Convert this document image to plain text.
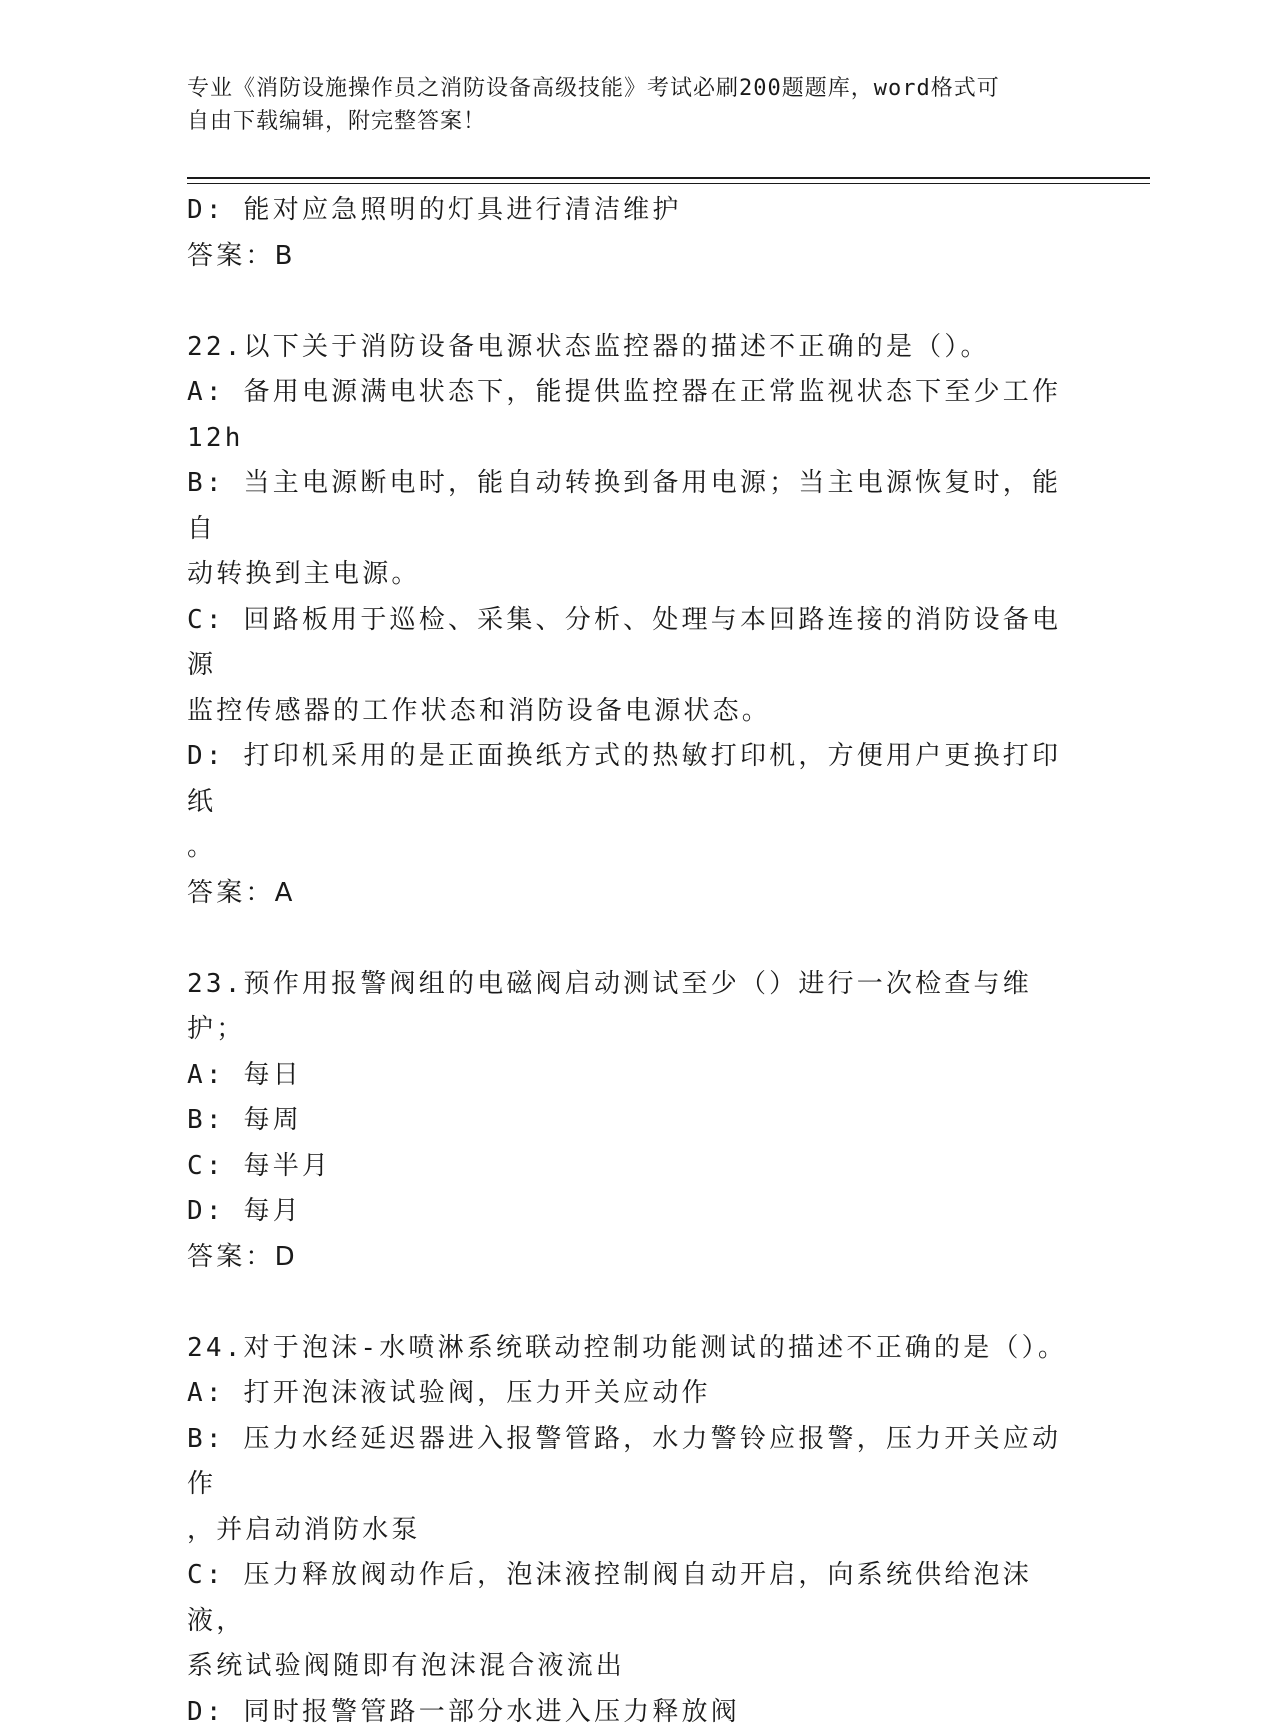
专业《消防设施操作员之消防设备高级技能》考试必刷200题题库，word格式可
自由下载编辑，附完整答案！
D: 能对应急照明的灯具进行清洁维护
答案：B
22.以下关于消防设备电源状态监控器的描述不正确的是（）。
A: 备用电源满电状态下，能提供监控器在正常监视状态下至少工作
12h
B: 当主电源断电时，能自动转换到备用电源；当主电源恢复时，能自
动转换到主电源。
C: 回路板用于巡检、采集、分析、处理与本回路连接的消防设备电源
监控传感器的工作状态和消防设备电源状态。
D: 打印机采用的是正面换纸方式的热敏打印机，方便用户更换打印纸
。
答案：A
23.预作用报警阀组的电磁阀启动测试至少（）进行一次检查与维护；
A: 每日
B: 每周
C: 每半月
D: 每月
答案：D
24.对于泡沫-水喷淋系统联动控制功能测试的描述不正确的是（）。
A: 打开泡沫液试验阀，压力开关应动作
B: 压力水经延迟器进入报警管路，水力警铃应报警，压力开关应动作
，并启动消防水泵
C: 压力释放阀动作后，泡沫液控制阀自动开启，向系统供给泡沫液，
系统试验阀随即有泡沫混合液流出
D: 同时报警管路一部分水进入压力释放阀
